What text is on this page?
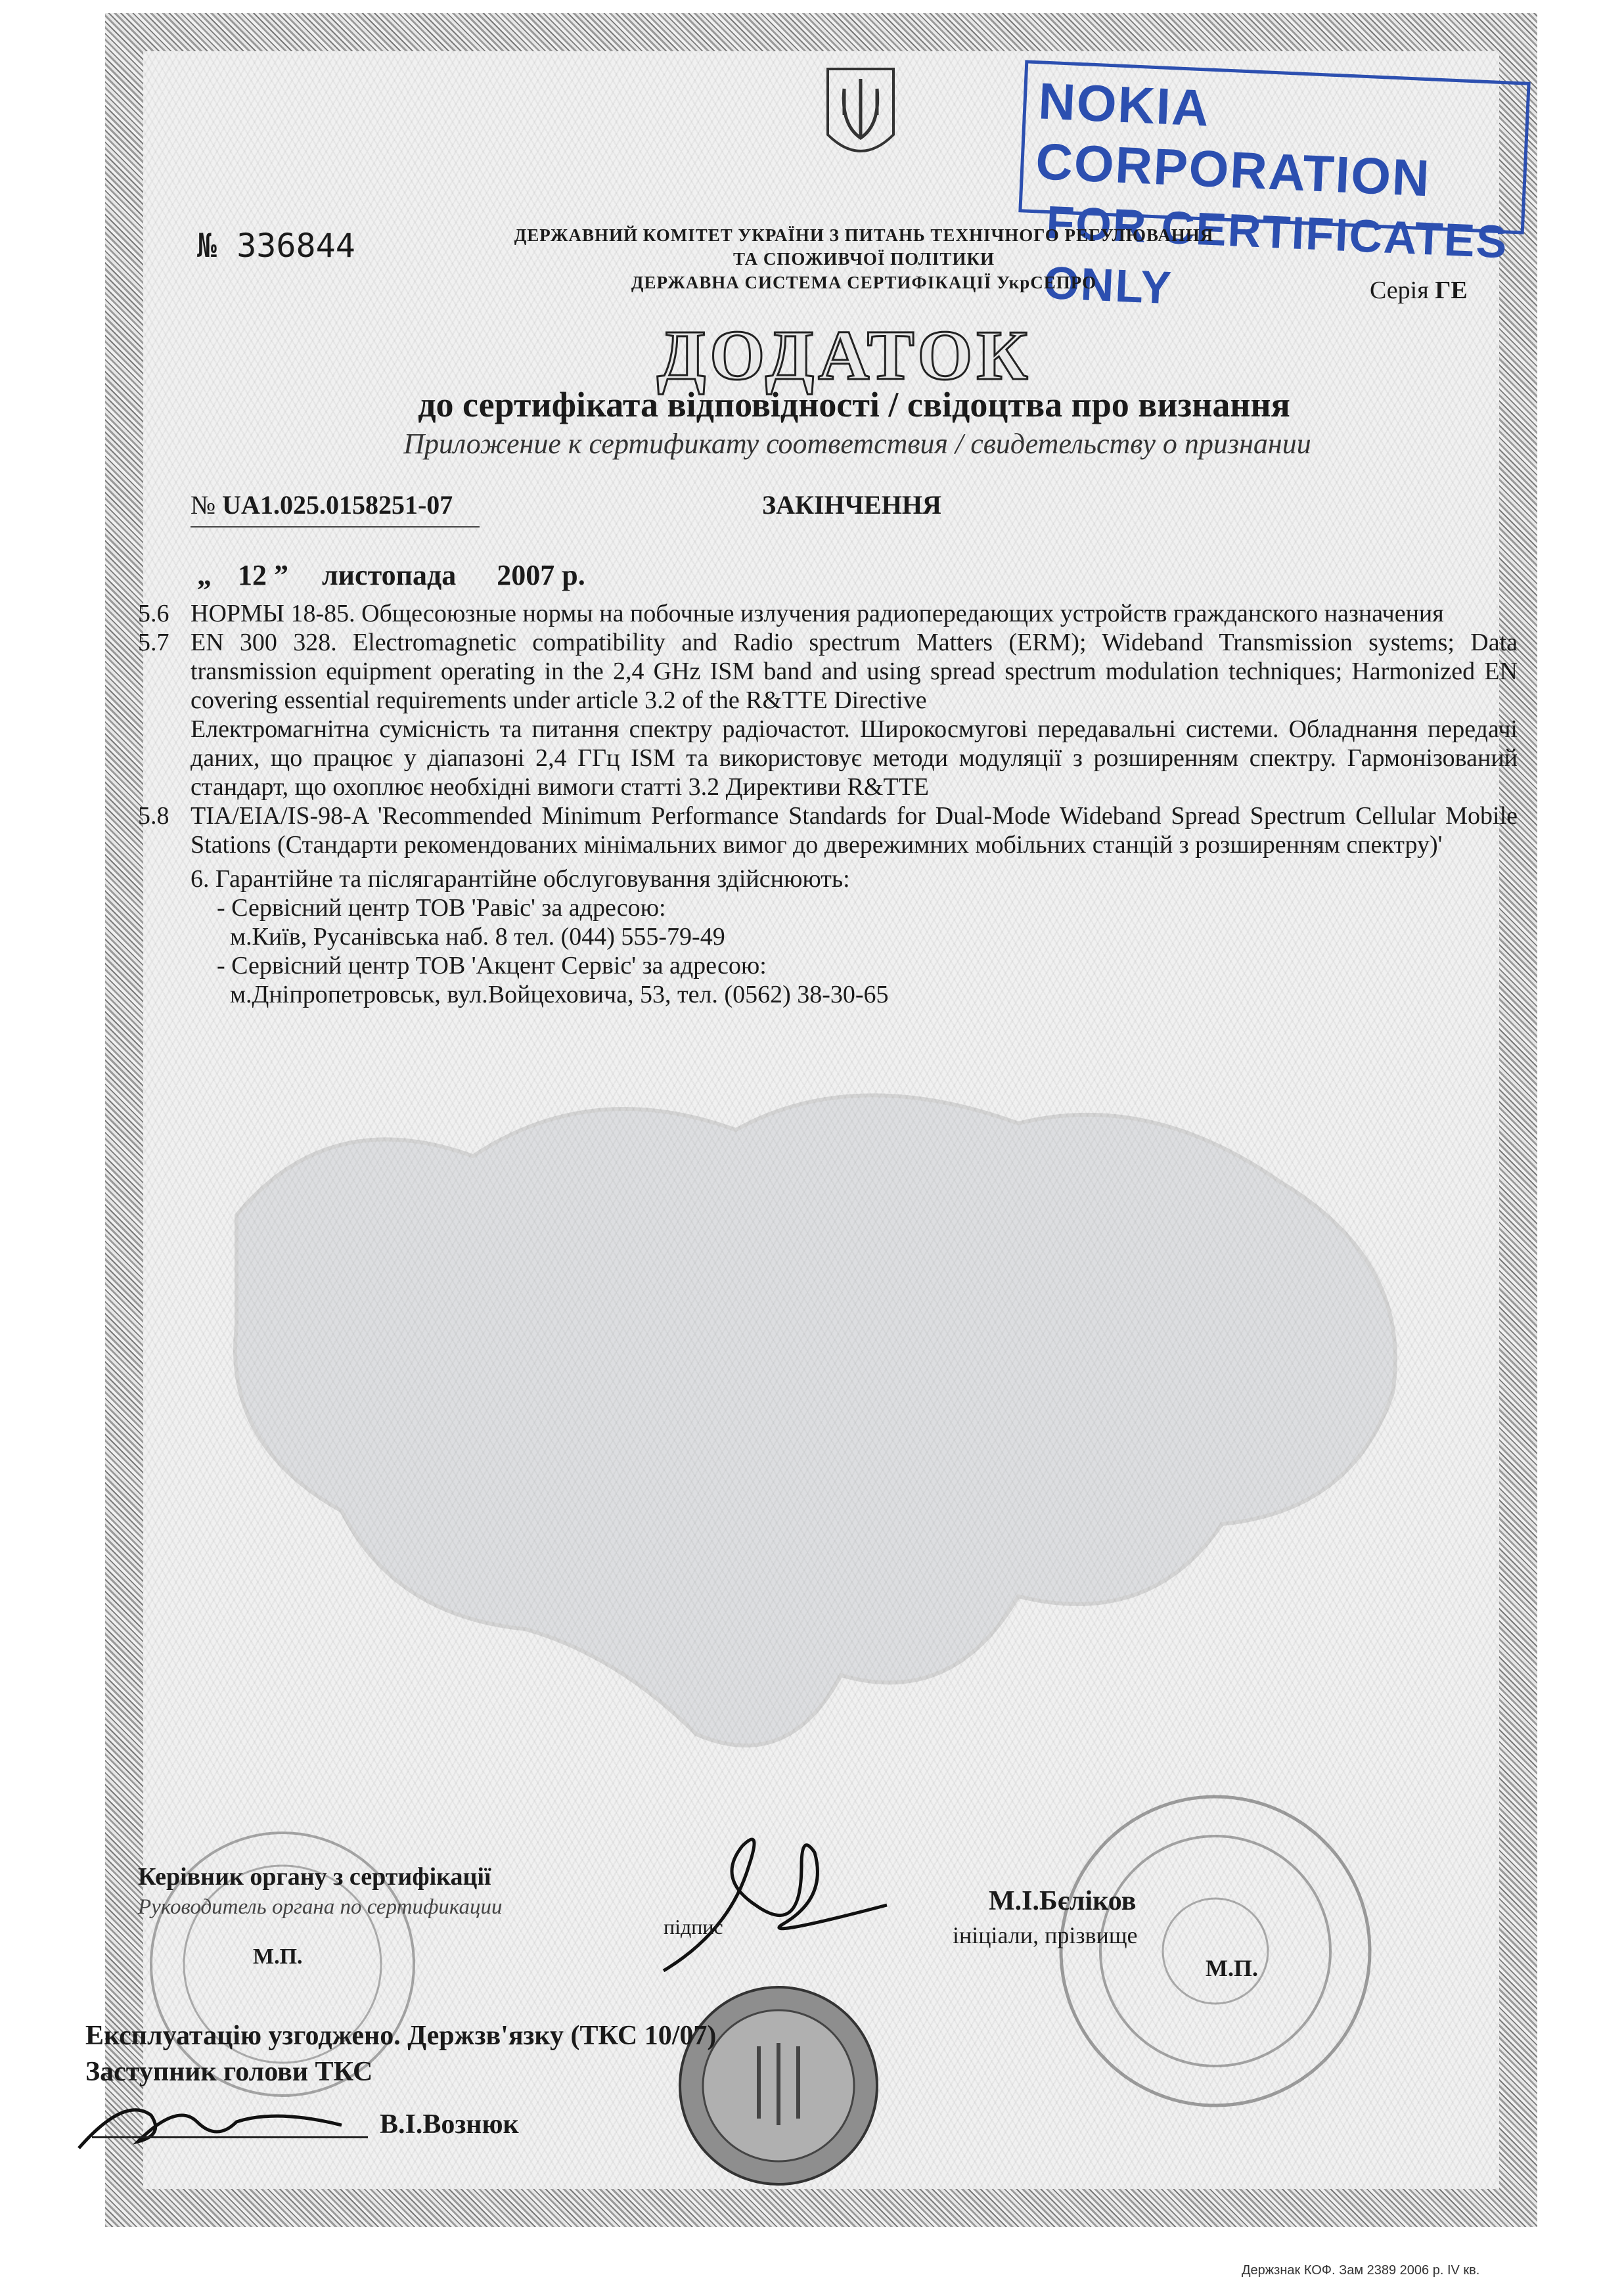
NOKIA CORPORATION
FOR CERTIFICATES ONLY
№ 336844	ДЕРЖАВНИЙ КОМІТЕТ УКРАЇНИ З ПИТАНЬ ТЕХНІЧНОГО РЕГУЛЮВАННЯ
ТА СПОЖИВЧОЇ ПОЛІТИКИ
ДЕРЖАВНА СИСТЕМА СЕРТИФІКАЦІЇ УкрСЕПРО	Серія ГЕ
ДОДАТОК
до сертифіката відповідності / свідоцтва про визнання
Приложение к сертификату соответствия / свидетельству о признании
№ UA1.025.0158251-07	ЗАКІНЧЕННЯ
„ 12 ” листопада 2007 р.
5.6 НОРМЫ 18-85. Общесоюзные нормы на побочные излучения радиопередающих устройств гражданского назначения

5.7 EN 300 328. Electromagnetic compatibility and Radio spectrum Matters (ERM); Wideband Transmission systems; Data transmission equipment operating in the 2,4 GHz ISM band and using spread spectrum modulation techniques; Harmonized EN covering essential requirements under article 3.2 of the R&TTE Directive

Електромагнітна сумісність та питання спектру радіочастот. Широкосмугові передавальні системи. Обладнання передачі даних, що працює у діапазоні 2,4 ГГц ISM та використовує методи модуляції з розширенням спектру. Гармонізований стандарт, що охоплює необхідні вимоги статті 3.2 Директиви R&TTE

5.8 TIA/EIA/IS-98-A 'Recommended Minimum Performance Standards for Dual-Mode Wideband Spread Spectrum Cellular Mobile Stations (Стандарти рекомендованих мінімальних вимог до двережимних мобільних станцій з розширенням спектру)'

6. Гарантійне та післягарантійне обслуговування здійснюють:

- Сервісний центр ТОВ 'Равіс' за адресою:

м.Київ, Русанівська наб. 8 тел. (044) 555-79-49

- Сервісний центр ТОВ 'Акцент Сервіс' за адресою:

м.Дніпропетровськ, вул.Войцеховича, 53, тел. (0562) 38-30-65

Керівник органу з сертифікації
Руководитель органа по сертификации
М.П.
підпис
М.І.Бєліков
ініціали, прізвище
М.П.
Експлуатацію узгоджено. Держзв'язку (ТКС 10/07)
Заступник голови ТКС
В.І.Вознюк
Держзнак КОФ. Зам 2389 2006 р. IV кв.
